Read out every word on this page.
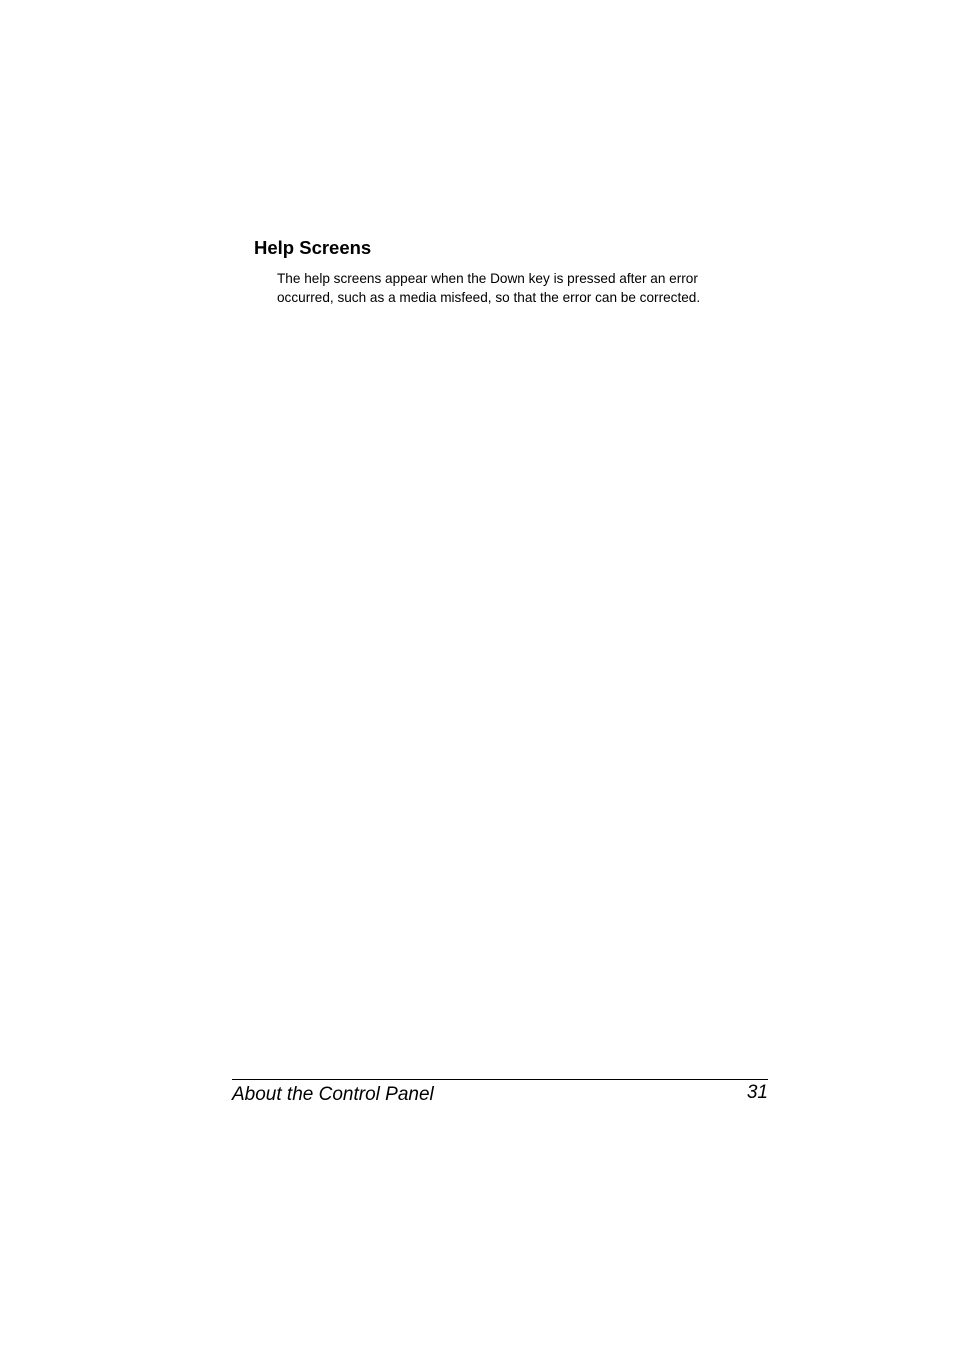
Help Screens

The help screens appear when the Down key is pressed after an error
occurred, such as a media misfeed, so that the error can be corrected.

About the Control Panel	31
